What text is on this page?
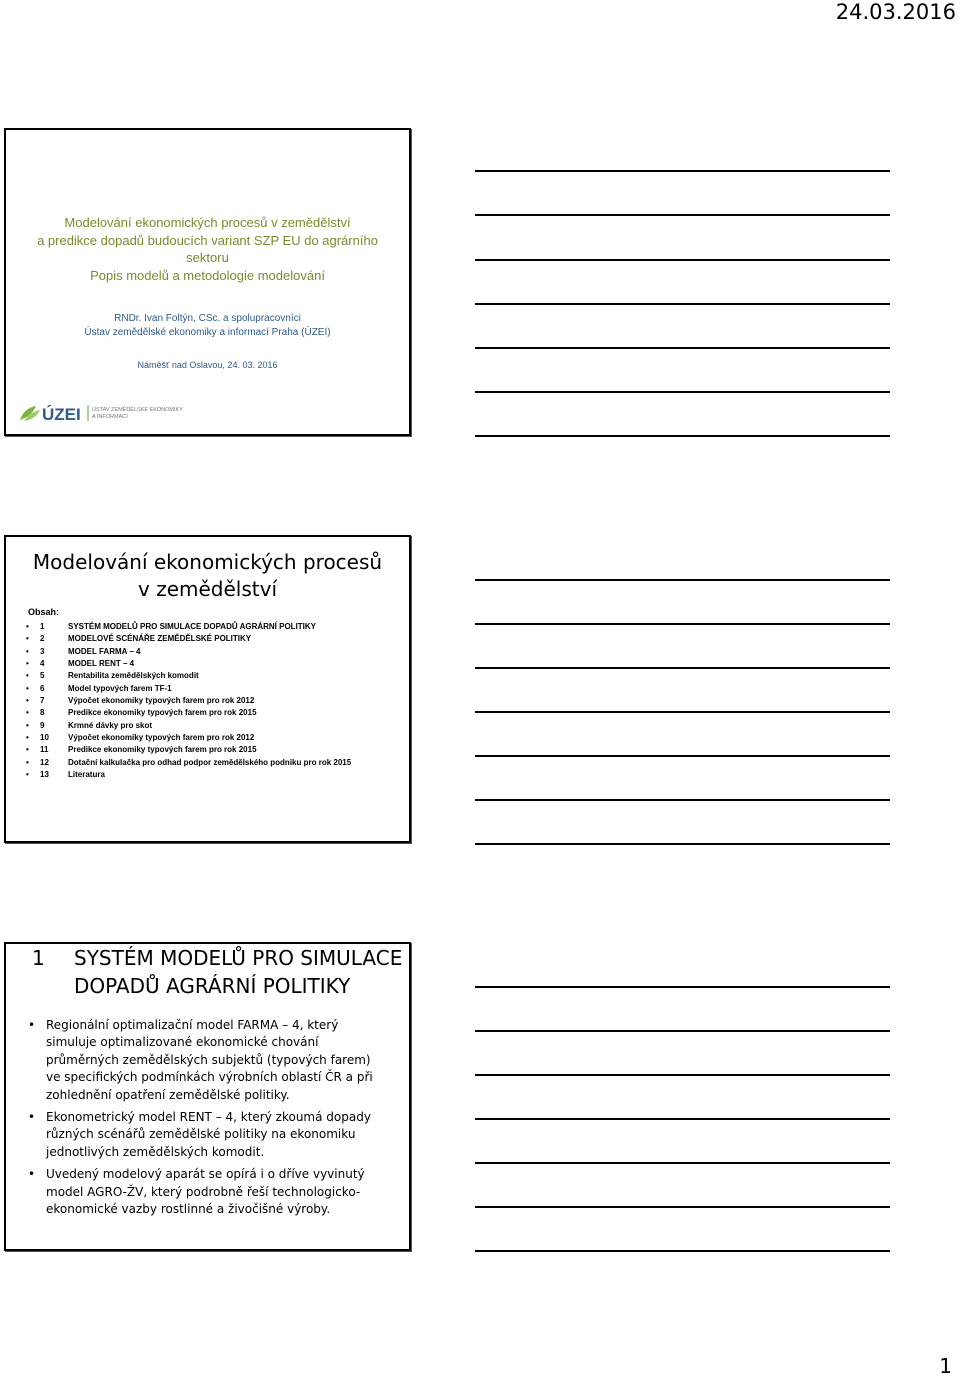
24.03.2016
Modelování ekonomických procesů v zemědělství
a predikce dopadů budoucích variant SZP EU do agrárního
sektoru
Popis modelů a metodologie modelování
RNDr. Ivan Foltýn, CSc. a spolupracovníci
Ústav zemědělské ekonomiky a informací Praha (ÚZEI)
Náměšť nad Oslavou, 24. 03. 2016
ÚZEI ÚSTAV ZEMĚDĚLSKÉ EKONOMIKY
A INFORMACÍ
Modelování ekonomických procesů
v zemědělství
Obsah:
1	SYSTÉM MODELŮ PRO SIMULACE DOPADŮ AGRÁRNÍ POLITIKY
2	MODELOVÉ SCÉNÁŘE ZEMĚDĚLSKÉ POLITIKY
3	MODEL FARMA – 4
4	MODEL RENT – 4
5	Rentabilita zemědělských komodit
6	Model typových farem TF-1
7	Výpočet ekonomiky typových farem pro rok 2012
8	Predikce ekonomiky typových farem pro rok 2015
9	Krmné dávky pro skot
10	Výpočet ekonomiky typových farem pro rok 2012
11	Predikce ekonomiky typových farem pro rok 2015
12	Dotační kalkulačka pro odhad podpor zemědělského podniku pro rok 2015
13	Literatura
1 SYSTÉM MODELŮ PRO SIMULACE DOPADŮ AGRÁRNÍ POLITIKY
• Regionální optimalizační model FARMA – 4, který simuluje optimalizované ekonomické chování průměrných zemědělských subjektů (typových farem) ve specifických podmínkách výrobních oblastí ČR a při zohlednění opatření zemědělské politiky.
• Ekonometrický model RENT – 4, který zkoumá dopady různých scénářů zemědělské politiky na ekonomiku jednotlivých zemědělských komodit.
• Uvedený modelový aparát se opírá i o dříve vyvinutý model AGRO-ŽV, který podrobně řeší technologicko-ekonomické vazby rostlinné a živočišné výroby.
1
